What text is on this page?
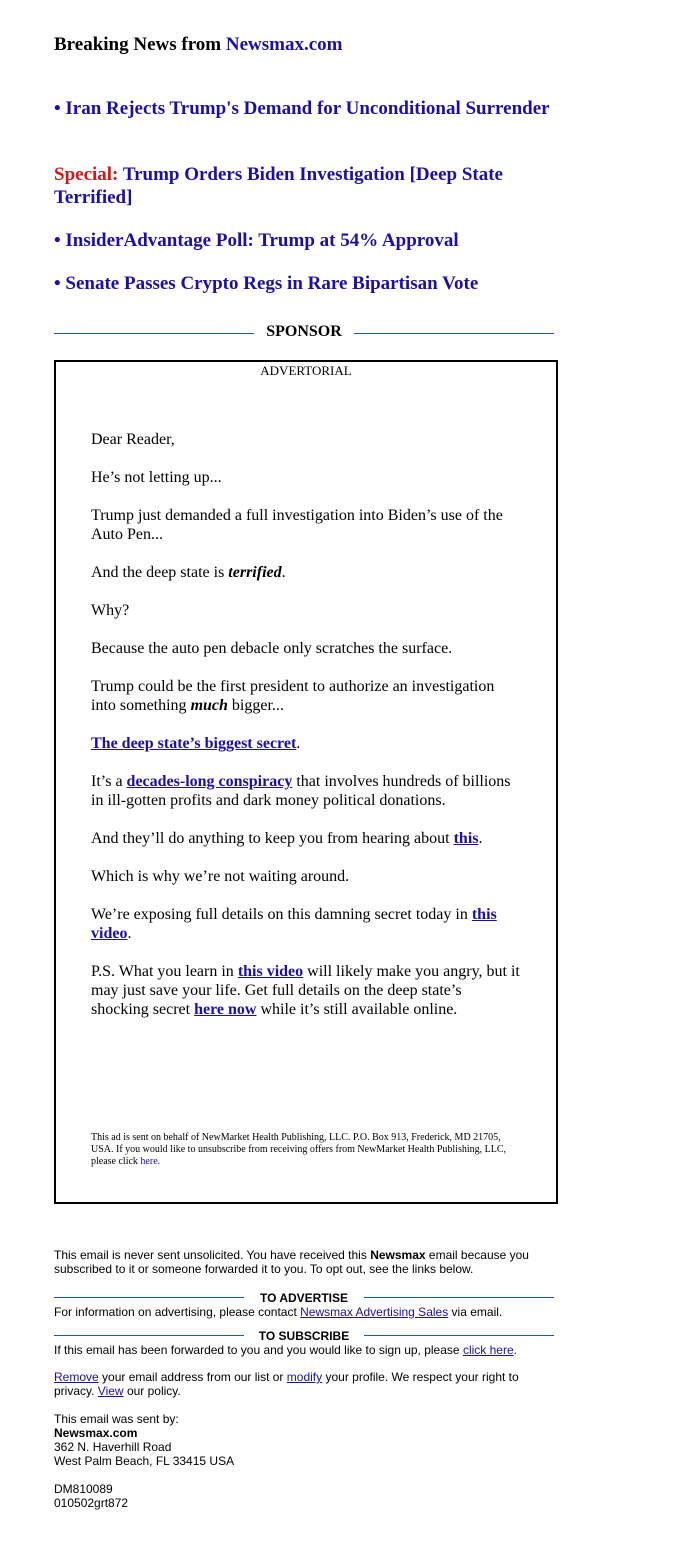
Breaking News from Newsmax.com
• Iran Rejects Trump's Demand for Unconditional Surrender
Special: Trump Orders Biden Investigation [Deep State Terrified]
• InsiderAdvantage Poll: Trump at 54% Approval
• Senate Passes Crypto Regs in Rare Bipartisan Vote
SPONSOR
ADVERTORIAL

Dear Reader,

He’s not letting up...

Trump just demanded a full investigation into Biden’s use of the Auto Pen...

And the deep state is terrified.

Why?

Because the auto pen debacle only scratches the surface.

Trump could be the first president to authorize an investigation into something much bigger...

The deep state’s biggest secret.

It’s a decades-long conspiracy that involves hundreds of billions in ill-gotten profits and dark money political donations.

And they’ll do anything to keep you from hearing about this.

Which is why we’re not waiting around.

We’re exposing full details on this damning secret today in this video.

P.S. What you learn in this video will likely make you angry, but it may just save your life. Get full details on the deep state’s shocking secret here now while it’s still available online.

This ad is sent on behalf of NewMarket Health Publishing, LLC. P.O. Box 913, Frederick, MD 21705, USA. If you would like to unsubscribe from receiving offers from NewMarket Health Publishing, LLC, please click here.
This email is never sent unsolicited. You have received this Newsmax email because you subscribed to it or someone forwarded it to you. To opt out, see the links below.
TO ADVERTISE
For information on advertising, please contact Newsmax Advertising Sales via email.
TO SUBSCRIBE
If this email has been forwarded to you and you would like to sign up, please click here.
Remove your email address from our list or modify your profile. We respect your right to privacy. View our policy.
This email was sent by:
Newsmax.com
362 N. Haverhill Road
West Palm Beach, FL 33415 USA
DM810089
010502grt872
